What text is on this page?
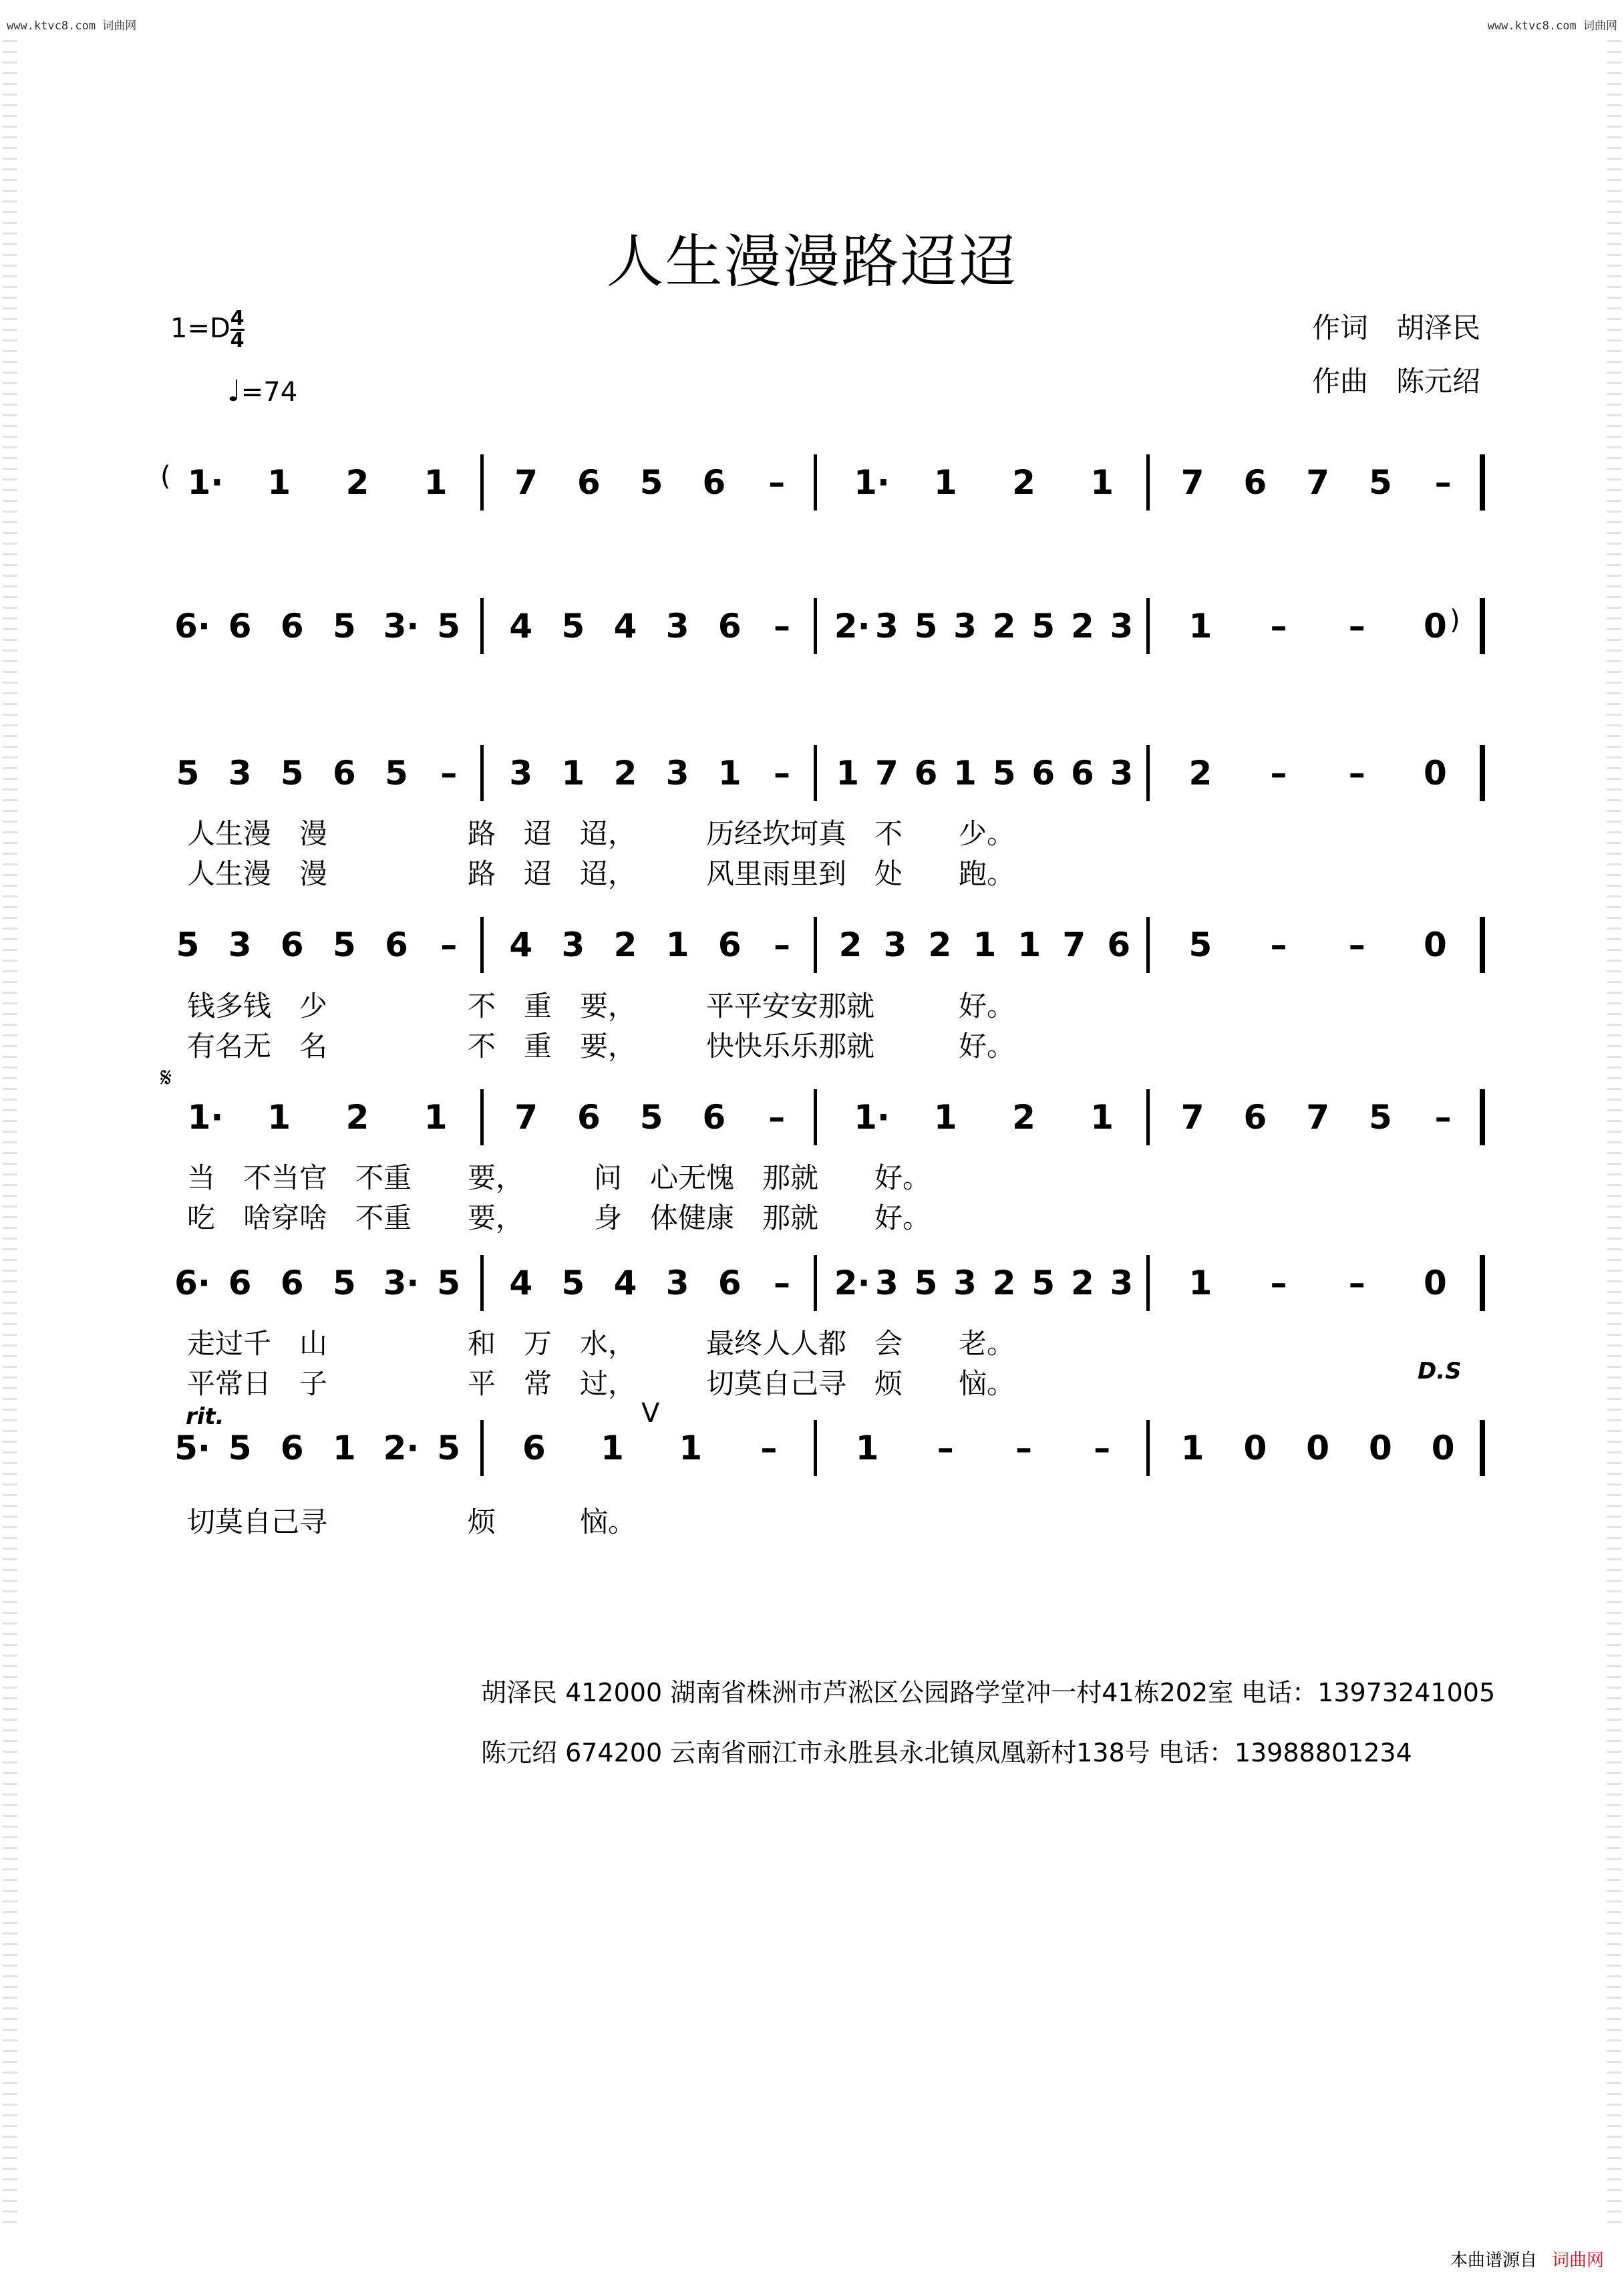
www.ktvc8.com 词曲网	www.ktvc8.com 词曲网
人生漫漫路迢迢
$1=D \frac{4}{4}$
♩=74
作词　胡泽民
作曲　陈元绍
1· 1 2 1 7 6 5 6 – 1· 1 2 1 7 6 7 5 –
6· 6 6 5 3· 5 4 5 4 3 6 – 2· 3 5 3 2 5 2 3 1 – – 0
5 3 5 6 5 – 3 1 2 3 1 – 1 7 6 1 5 6 6 3 2 – – 0
人生漫　漫　　　　　路　迢　迢，　　　历经坎坷真　不　　少。
人生漫　漫　　　　　路　迢　迢，　　　风里雨里到　处　　跑。
5 3 6 5 6 – 4 3 2 1 6 – 2 3 2 1 1 7 6 5 – – 0
钱多钱　少　　　　　不　重　要，　　　平平安安那就　　　好。
有名无　名　　　　　不　重　要，　　　快快乐乐那就　　　好。
1· 1 2 1 7 6 5 6 – 1· 1 2 1 7 6 7 5 –
当　不当官　不重　　要，　　　问　心无愧　那就　　好。
吃　啥穿啥　不重　　要，　　　身　体健康　那就　　好。
6· 6 6 5 3· 5 4 5 4 3 6 – 2· 3 5 3 2 5 2 3 1 – – 0
走过千　山　　　　　和　万　水，　　　最终人人都　会　　老。
平常日　子　　　　　平　常　过，　　　切莫自己寻　烦　　恼。
5· 5 6 1 2· 5 6 1 1 – 1 – – – 1 0 0 0 0
切莫自己寻　　　　　烦　　　恼。
𝄋
D.S
rit.	V
(
)
胡泽民 412000 湖南省株洲市芦淞区公园路学堂冲一村41栋202室 电话：13973241005
陈元绍 674200 云南省丽江市永胜县永北镇凤凰新村138号 电话：13988801234
本曲谱源自 词曲网
